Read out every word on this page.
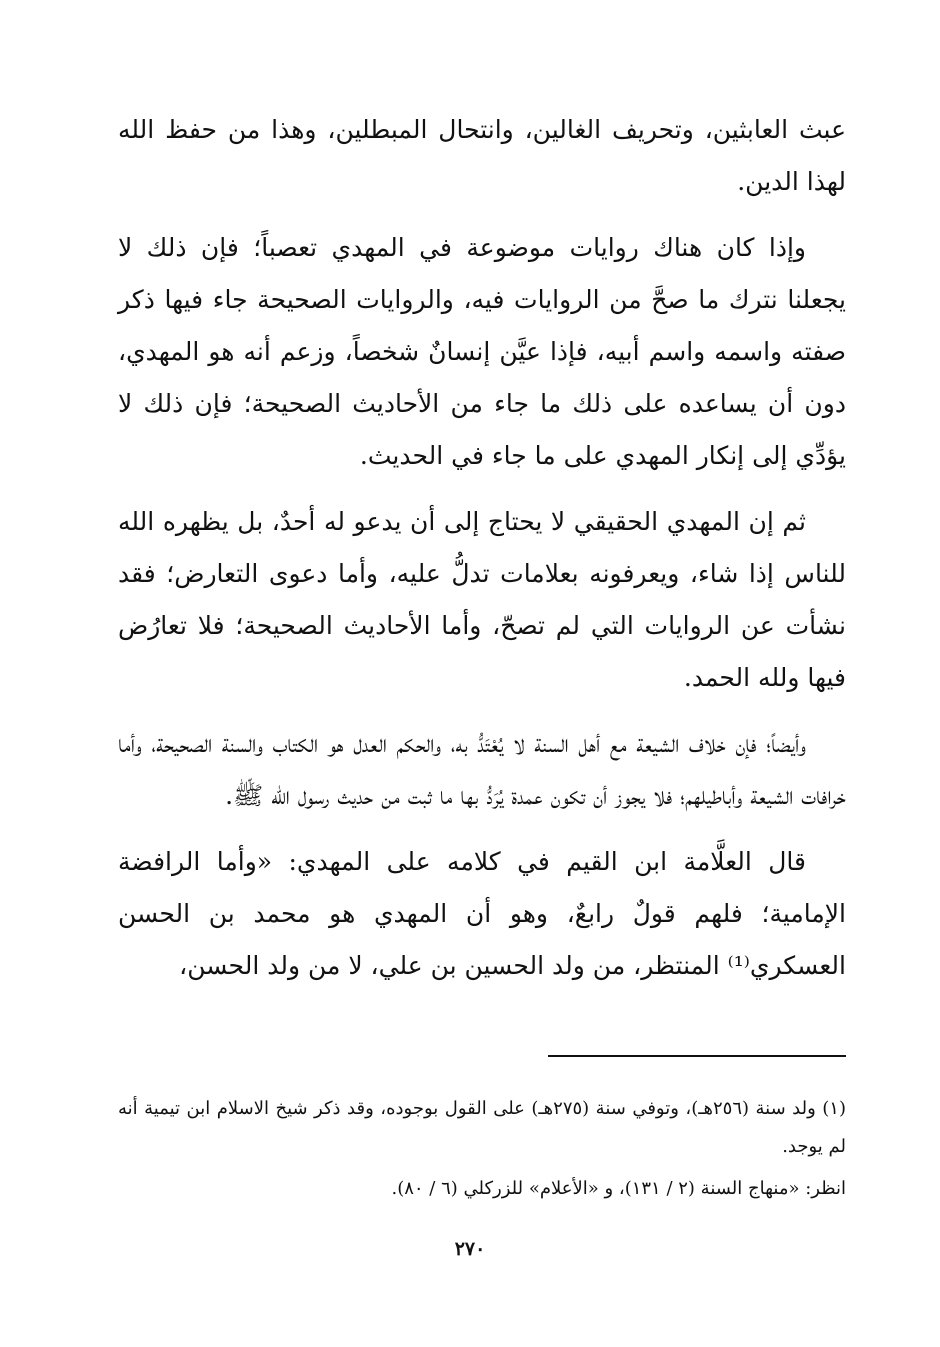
عبث العابثين، وتحريف الغالين، وانتحال المبطلين، وهذا من حفظ الله لهذا الدين.

وإذا كان هناك روايات موضوعة في المهدي تعصباً؛ فإن ذلك لا يجعلنا نترك ما صحَّ من الروايات فيه، والروايات الصحيحة جاء فيها ذكر صفته واسمه واسم أبيه، فإذا عيَّن إنسانٌ شخصاً، وزعم أنه هو المهدي، دون أن يساعده على ذلك ما جاء من الأحاديث الصحيحة؛ فإن ذلك لا يؤدِّي إلى إنكار المهدي على ما جاء في الحديث.

ثم إن المهدي الحقيقي لا يحتاج إلى أن يدعو له أحدٌ، بل يظهره الله للناس إذا شاء، ويعرفونه بعلامات تدلُّ عليه، وأما دعوى التعارض؛ فقد نشأت عن الروايات التي لم تصحّ، وأما الأحاديث الصحيحة؛ فلا تعارُض فيها ولله الحمد.

وأيضاً؛ فإن خلاف الشيعة مع أهل السنة لا يُعْتَدُّ به، والحكم العدل هو الكتاب والسنة الصحيحة، وأما خرافات الشيعة وأباطيلهم؛ فلا يجوز أن تكون عمدة يُرَدُّ بها ما ثبت من حديث رسول الله ﷺ.

قال العلَّامة ابن القيم في كلامه على المهدي: «وأما الرافضة الإمامية؛ فلهم قولٌ رابعٌ، وهو أن المهدي هو محمد بن الحسن العسكري⁽¹⁾ المنتظر، من ولد الحسين بن علي، لا من ولد الحسن،

(١) ولد سنة (٢٥٦هـ)، وتوفي سنة (٢٧٥هـ) على القول بوجوده، وقد ذكر شيخ الاسلام ابن تيمية أنه لم يوجد.

انظر: «منهاج السنة (٢ / ١٣١)، و «الأعلام» للزركلي (٦ / ٨٠).

٢٧٠
